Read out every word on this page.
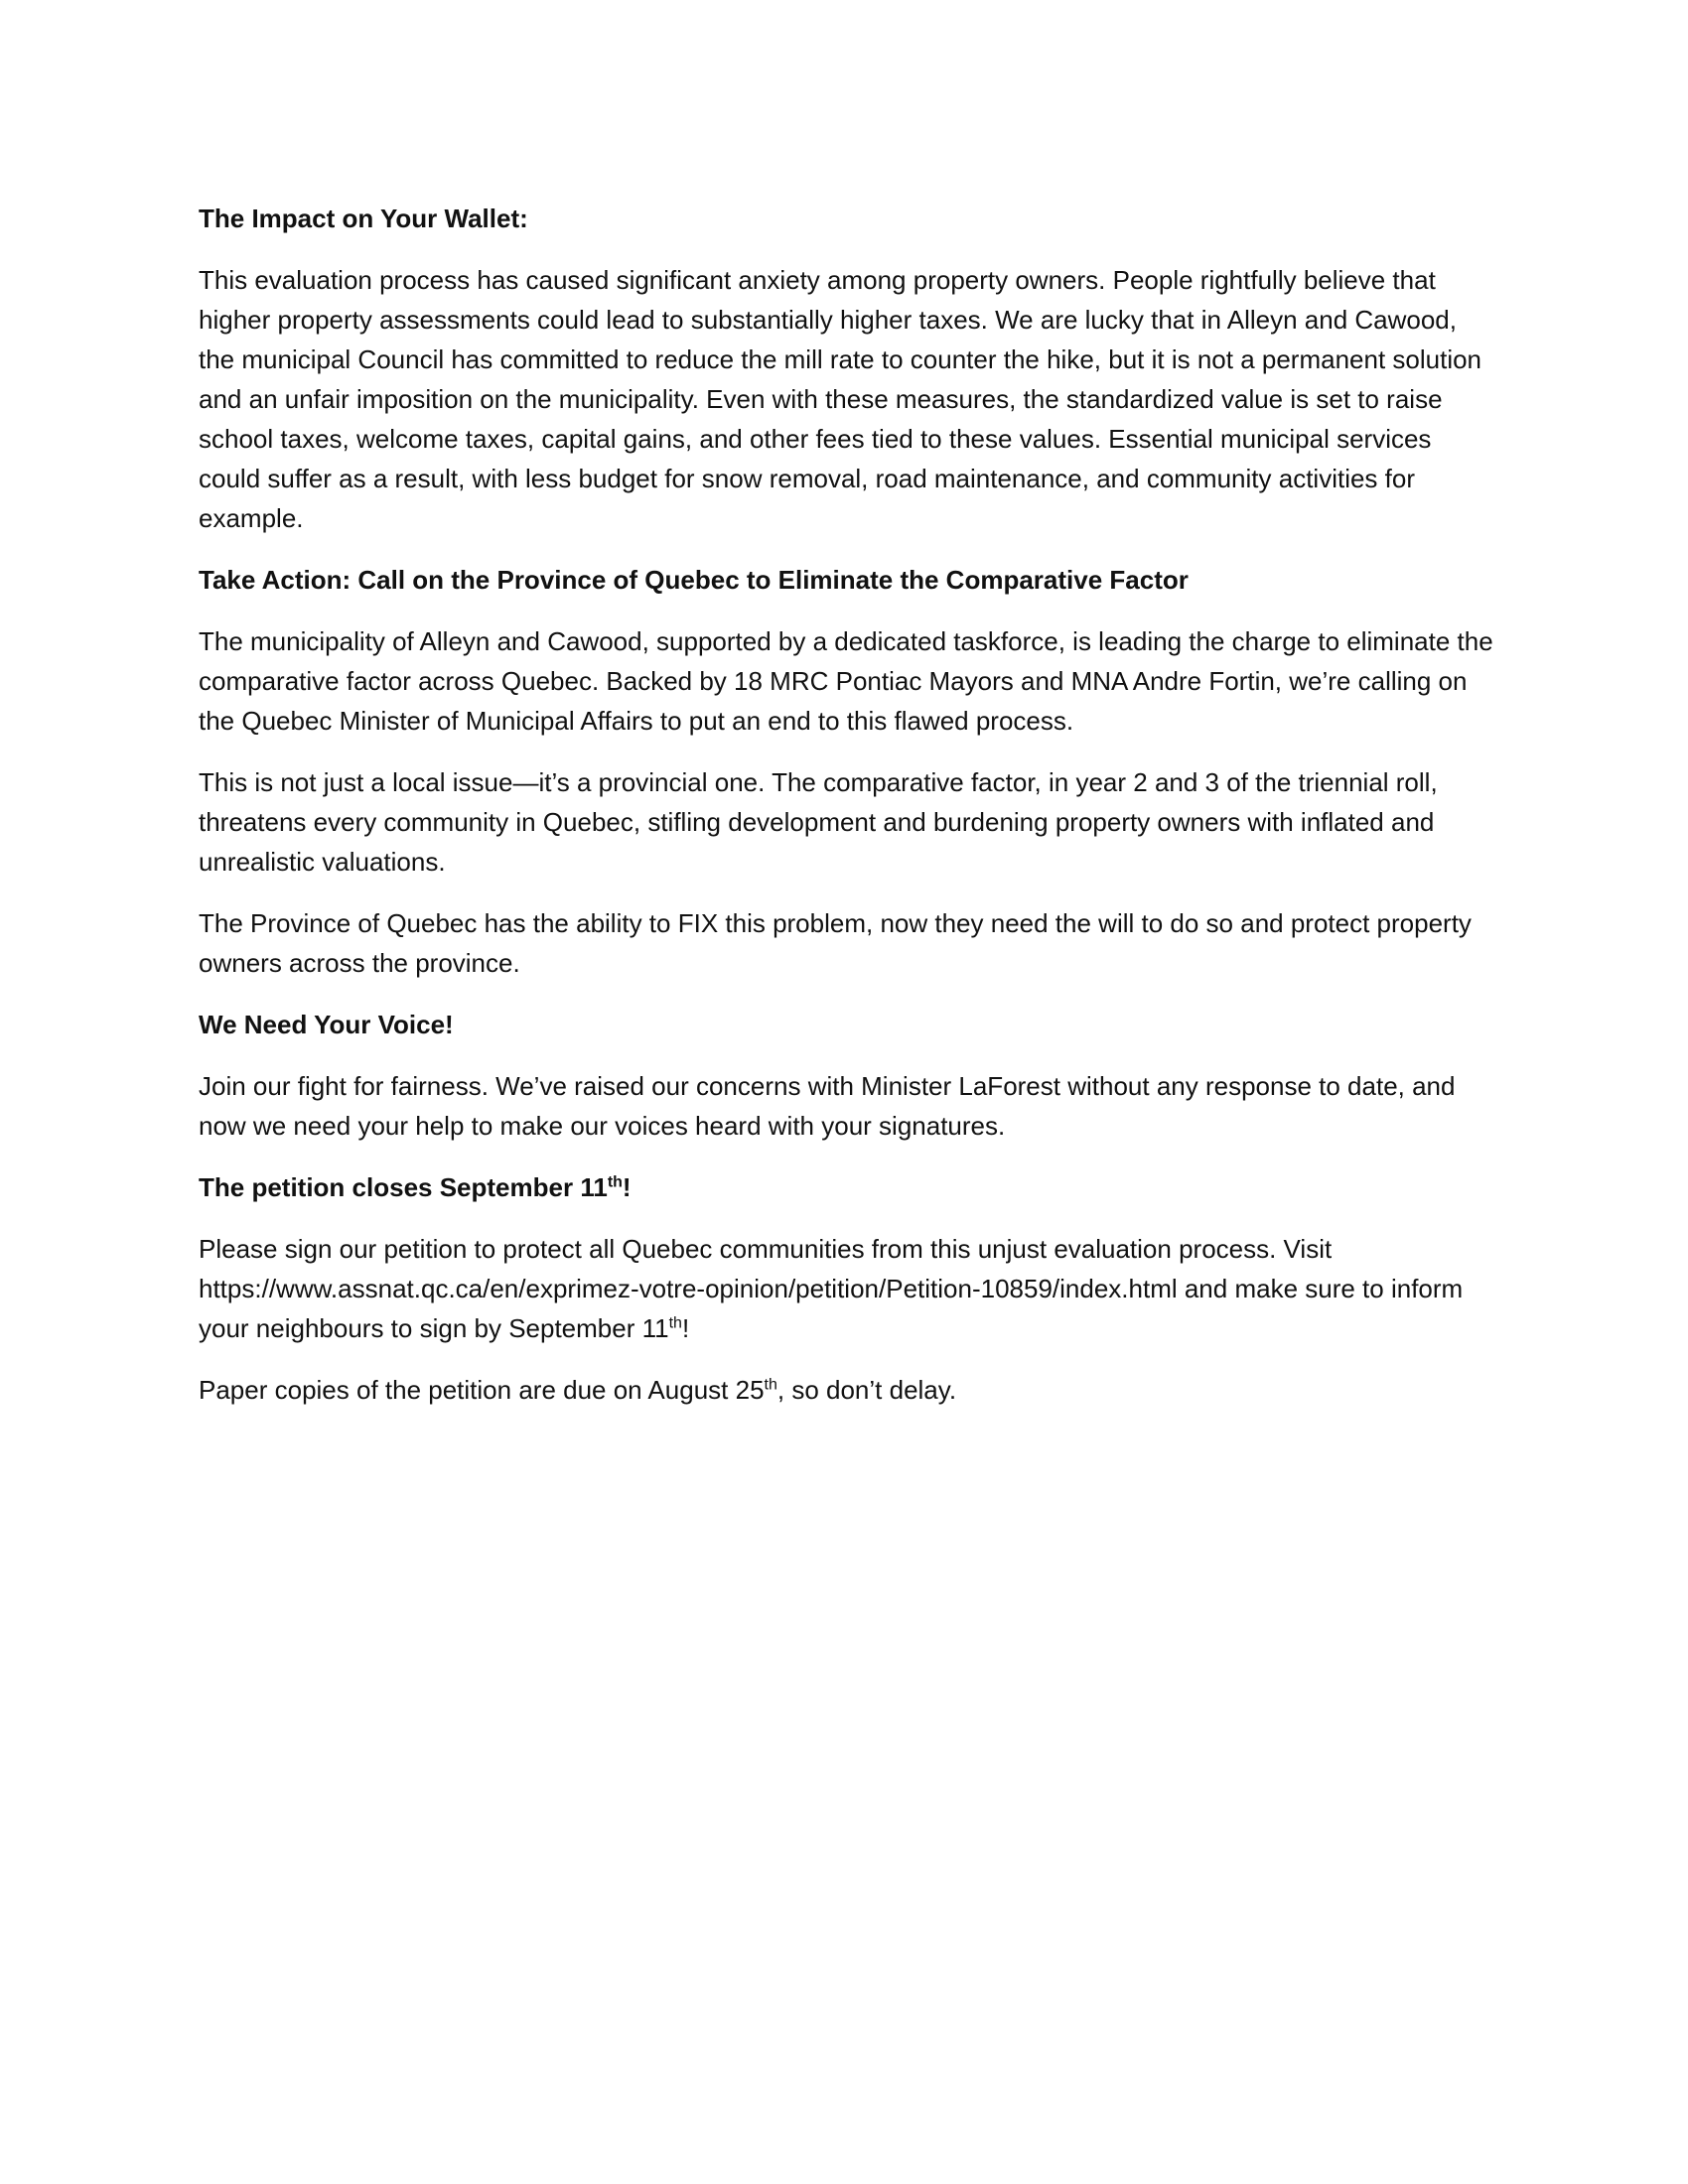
The Impact on Your Wallet:

This evaluation process has caused significant anxiety among property owners. People rightfully believe that higher property assessments could lead to substantially higher taxes. We are lucky that in Alleyn and Cawood, the municipal Council has committed to reduce the mill rate to counter the hike, but it is not a permanent solution and an unfair imposition on the municipality. Even with these measures, the standardized value is set to raise school taxes, welcome taxes, capital gains, and other fees tied to these values. Essential municipal services could suffer as a result, with less budget for snow removal, road maintenance, and community activities for example.

Take Action: Call on the Province of Quebec to Eliminate the Comparative Factor

The municipality of Alleyn and Cawood, supported by a dedicated taskforce, is leading the charge to eliminate the comparative factor across Quebec. Backed by 18 MRC Pontiac Mayors and MNA Andre Fortin, we’re calling on the Quebec Minister of Municipal Affairs to put an end to this flawed process.

This is not just a local issue—it’s a provincial one. The comparative factor, in year 2 and 3 of the triennial roll, threatens every community in Quebec, stifling development and burdening property owners with inflated and unrealistic valuations.

The Province of Quebec has the ability to FIX this problem, now they need the will to do so and protect property owners across the province.

We Need Your Voice!

Join our fight for fairness. We’ve raised our concerns with Minister LaForest without any response to date, and now we need your help to make our voices heard with your signatures.

The petition closes September 11th!

Please sign our petition to protect all Quebec communities from this unjust evaluation process. Visit https://www.assnat.qc.ca/en/exprimez-votre-opinion/petition/Petition-10859/index.html and make sure to inform your neighbours to sign by September 11th!

Paper copies of the petition are due on August 25th, so don’t delay.
